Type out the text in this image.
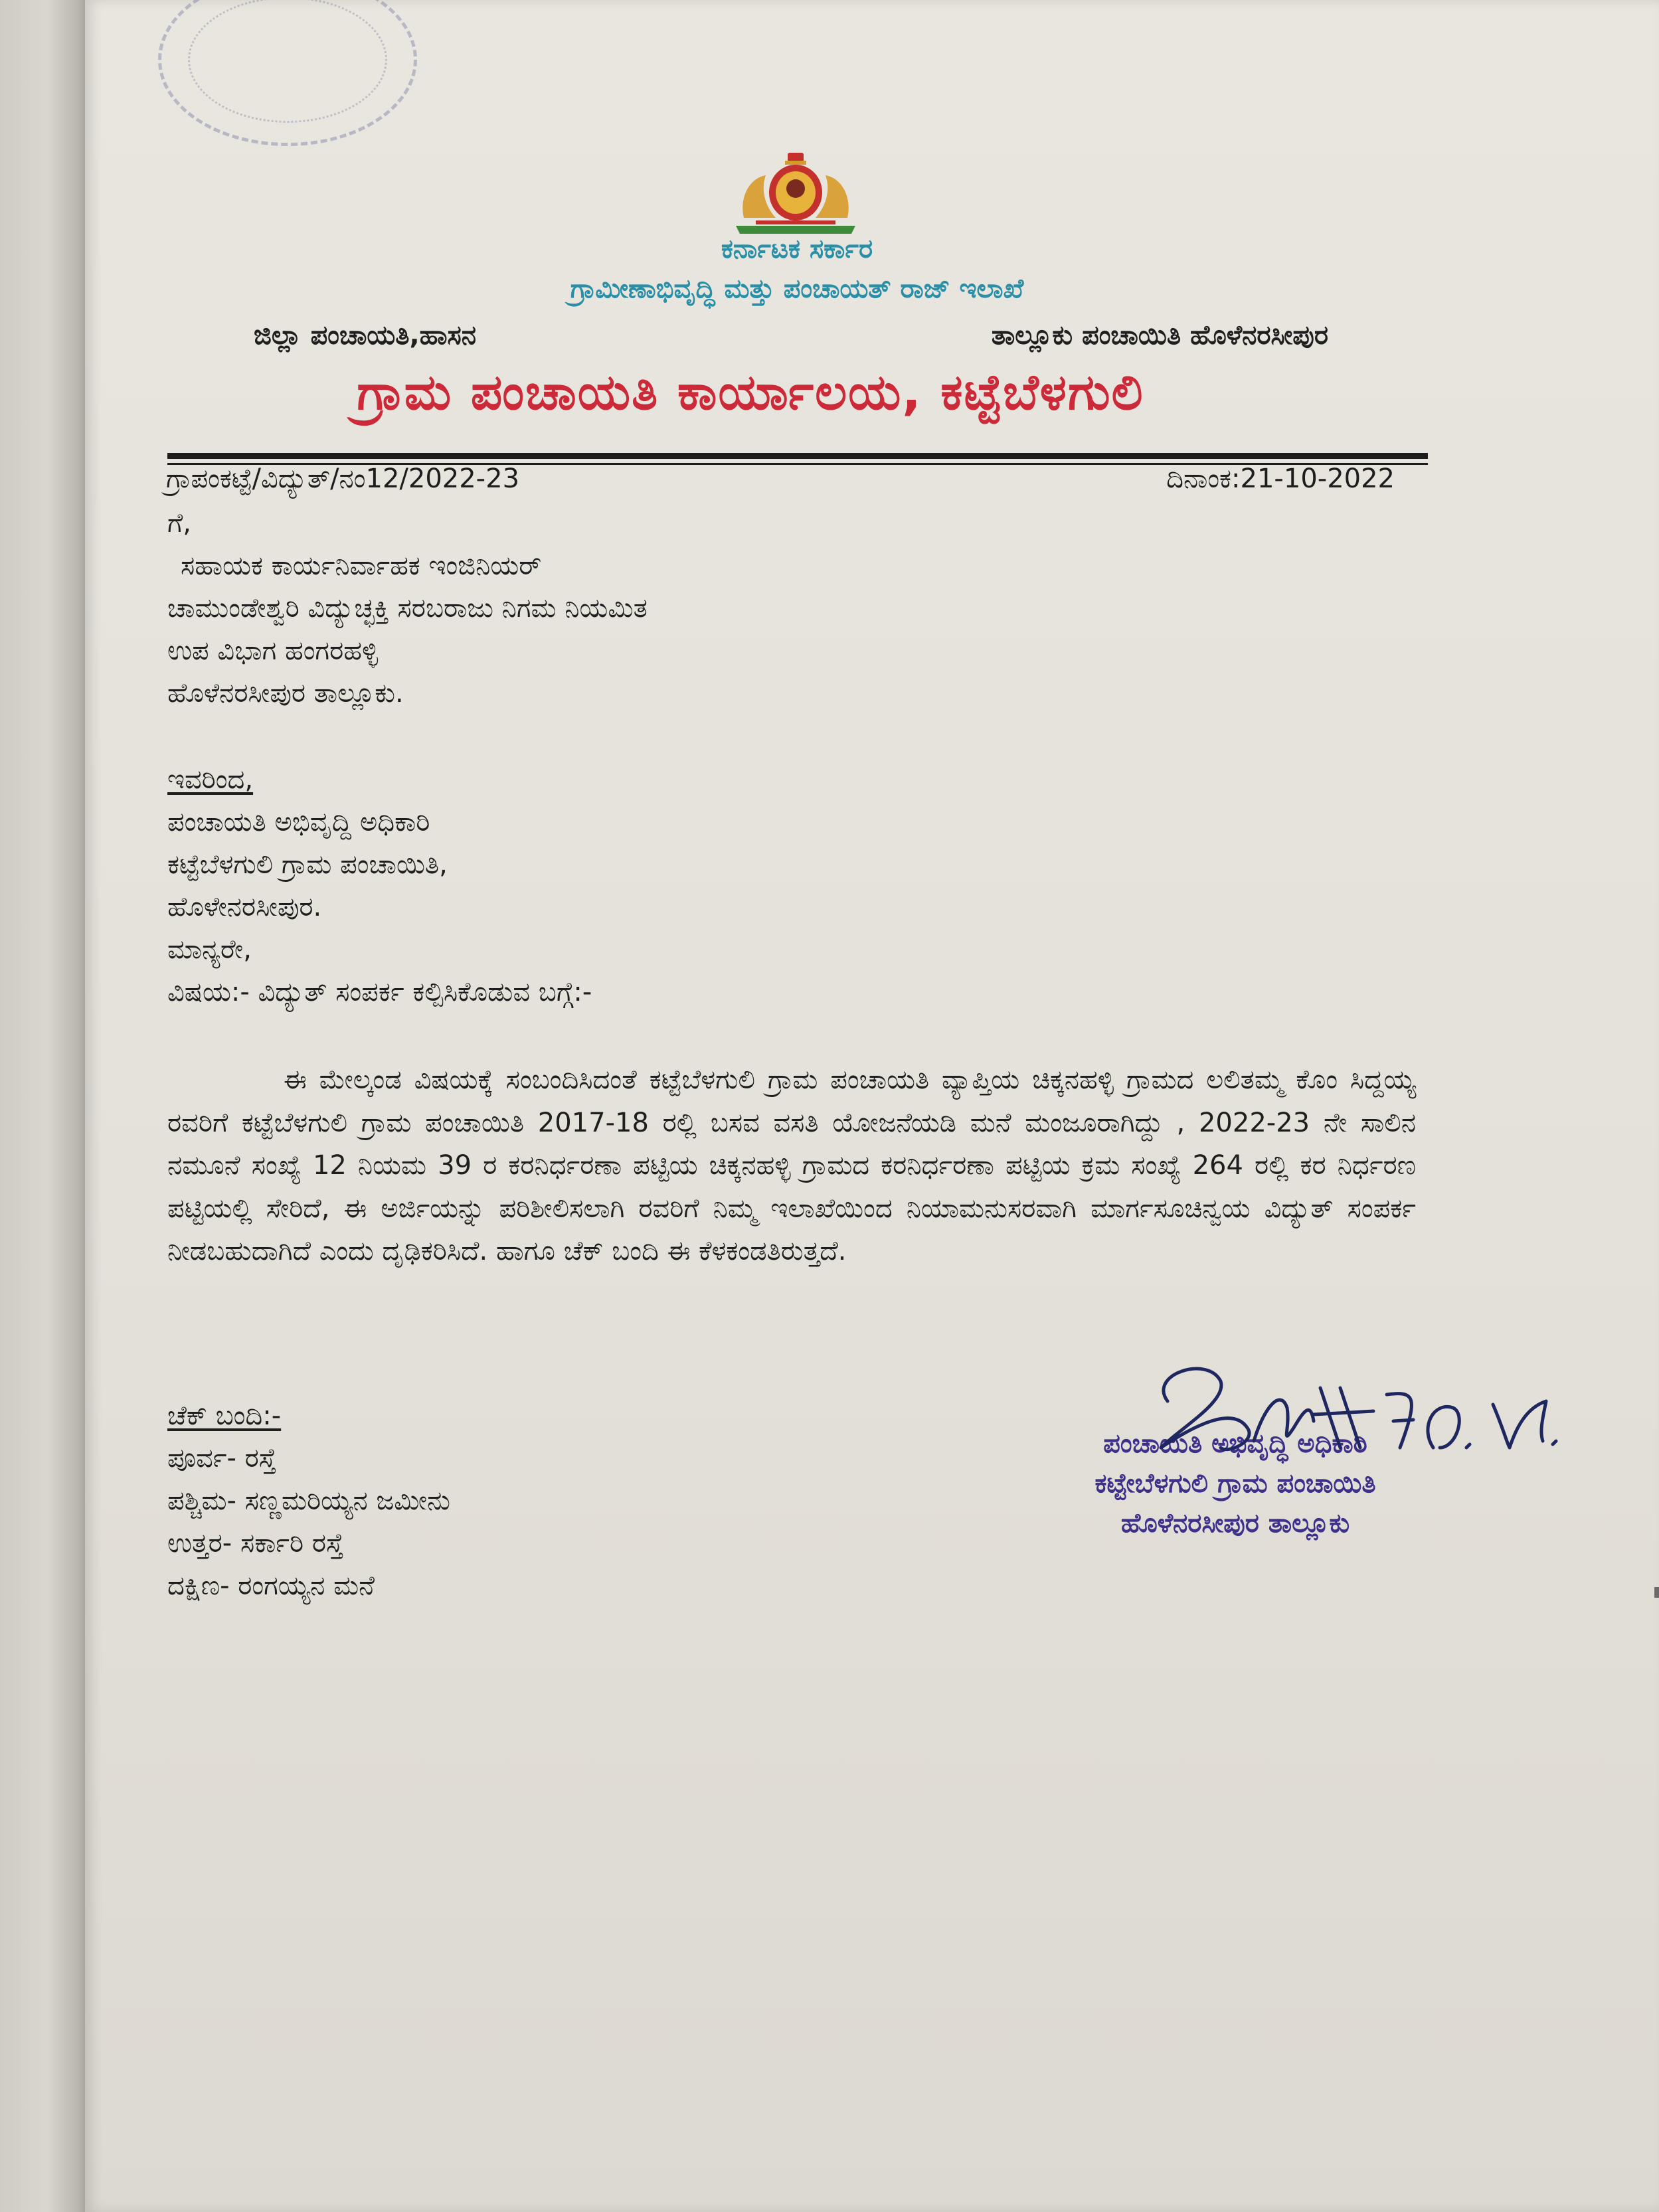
ಕರ್ನಾಟಕ ಸರ್ಕಾರ
ಗ್ರಾಮೀಣಾಭಿವೃದ್ಧಿ ಮತ್ತು ಪಂಚಾಯತ್ ರಾಜ್ ಇಲಾಖೆ
ಜಿಲ್ಲಾ ಪಂಚಾಯತಿ,ಹಾಸನ	ತಾಲ್ಲೂಕು ಪಂಚಾಯಿತಿ ಹೊಳೆನರಸೀಪುರ
ಗ್ರಾಮ ಪಂಚಾಯತಿ ಕಾರ್ಯಾಲಯ, ಕಟ್ಟೆಬೆಳಗುಲಿ
ಗ್ರಾಪಂಕಟ್ಟೆ/ವಿದ್ಯುತ್/ನಂ12/2022-23	ದಿನಾಂಕ:21-10-2022
ಗೆ,
ಸಹಾಯಕ ಕಾರ್ಯನಿರ್ವಾಹಕ ಇಂಜಿನಿಯರ್
ಚಾಮುಂಡೇಶ್ವರಿ ವಿದ್ಯುಚ್ಛಕ್ತಿ ಸರಬರಾಜು ನಿಗಮ ನಿಯಮಿತ
ಉಪ ವಿಭಾಗ ಹಂಗರಹಳ್ಳಿ
ಹೊಳೆನರಸೀಪುರ ತಾಲ್ಲೂಕು.
ಇವರಿಂದ,
ಪಂಚಾಯತಿ ಅಭಿವೃದ್ದಿ ಅಧಿಕಾರಿ
ಕಟ್ಟೆಬೆಳಗುಲಿ ಗ್ರಾಮ ಪಂಚಾಯಿತಿ,
ಹೊಳೇನರಸೀಪುರ.
ಮಾನ್ಯರೇ,
ವಿಷಯ:- ವಿದ್ಯುತ್ ಸಂಪರ್ಕ ಕಲ್ಪಿಸಿಕೊಡುವ ಬಗ್ಗೆ:-
ಈ ಮೇಲ್ಕಂಡ ವಿಷಯಕ್ಕೆ ಸಂಬಂದಿಸಿದಂತೆ ಕಟ್ಟೆಬೆಳಗುಲಿ ಗ್ರಾಮ ಪಂಚಾಯತಿ ವ್ಯಾಪ್ತಿಯ ಚಿಕ್ಕನಹಳ್ಳಿ ಗ್ರಾಮದ ಲಲಿತಮ್ಮ ಕೊಂ ಸಿದ್ದಯ್ಯ ರವರಿಗೆ ಕಟ್ಟೆಬೆಳಗುಲಿ ಗ್ರಾಮ ಪಂಚಾಯಿತಿ 2017-18 ರಲ್ಲಿ ಬಸವ ವಸತಿ ಯೋಜನೆಯಡಿ ಮನೆ ಮಂಜೂರಾಗಿದ್ದು , 2022-23 ನೇ ಸಾಲಿನ ನಮೂನೆ ಸಂಖ್ಯೆ 12 ನಿಯಮ 39 ರ ಕರನಿರ್ಧರಣಾ ಪಟ್ಟಿಯ ಚಿಕ್ಕನಹಳ್ಳಿ ಗ್ರಾಮದ ಕರನಿರ್ಧರಣಾ ಪಟ್ಟಿಯ ಕ್ರಮ ಸಂಖ್ಯೆ 264 ರಲ್ಲಿ ಕರ ನಿರ್ಧರಣ ಪಟ್ಟಿಯಲ್ಲಿ ಸೇರಿದೆ, ಈ ಅರ್ಜಿಯನ್ನು ಪರಿಶೀಲಿಸಲಾಗಿ ರವರಿಗೆ ನಿಮ್ಮ ಇಲಾಖೆಯಿಂದ ನಿಯಾಮನುಸರವಾಗಿ ಮಾರ್ಗಸೂಚಿನ್ವಯ ವಿದ್ಯುತ್ ಸಂಪರ್ಕ ನೀಡಬಹುದಾಗಿದೆ ಎಂದು ದೃಢಿಕರಿಸಿದೆ. ಹಾಗೂ ಚೆಕ್ ಬಂದಿ ಈ ಕೆಳಕಂಡತಿರುತ್ತದೆ.
ಚೆಕ್ ಬಂದಿ:-
ಪೂರ್ವ- ರಸ್ತೆ
ಪಶ್ಚಿಮ- ಸಣ್ಣಮರಿಯ್ಯನ ಜಮೀನು
ಉತ್ತರ- ಸರ್ಕಾರಿ ರಸ್ತೆ
ದಕ್ಷಿಣ- ರಂಗಯ್ಯನ ಮನೆ
ಪಂಚಾಯಿತಿ ಅಭಿವೃದ್ಧಿ ಅಧಿಕಾರಿ
ಕಟ್ಟೇಬೆಳಗುಲಿ ಗ್ರಾಮ ಪಂಚಾಯಿತಿ
ಹೊಳೆನರಸೀಪುರ ತಾಲ್ಲೂಕು
